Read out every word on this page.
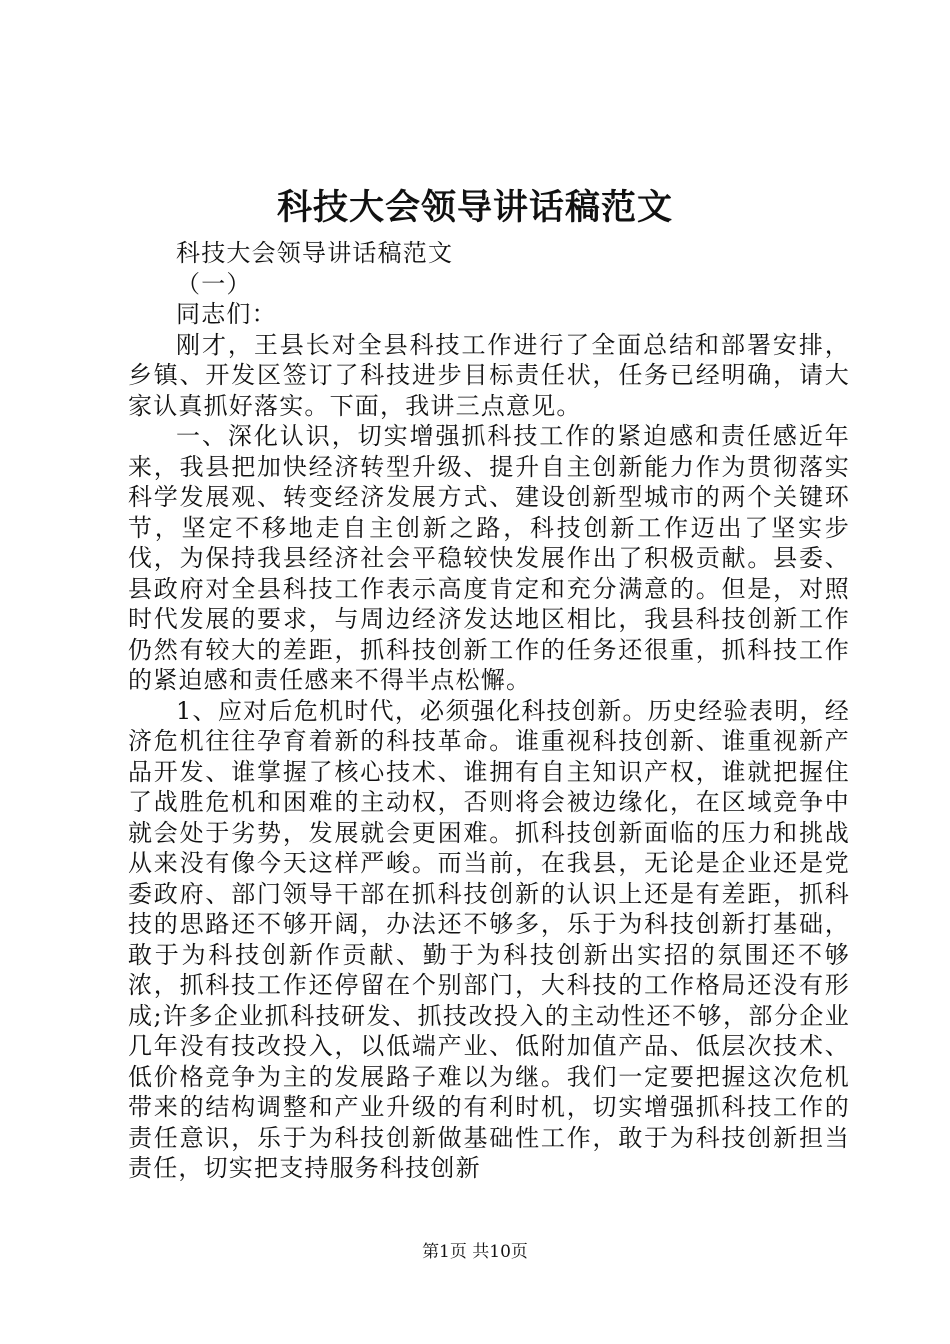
科技大会领导讲话稿范文

科技大会领导讲话稿范文

（一）

同志们：

刚才，王县长对全县科技工作进行了全面总结和部署安排，乡镇、开发区签订了科技进步目标责任状，任务已经明确，请大家认真抓好落实。下面，我讲三点意见。

一、深化认识，切实增强抓科技工作的紧迫感和责任感近年来，我县把加快经济转型升级、提升自主创新能力作为贯彻落实科学发展观、转变经济发展方式、建设创新型城市的两个关键环节，坚定不移地走自主创新之路，科技创新工作迈出了坚实步伐，为保持我县经济社会平稳较快发展作出了积极贡献。县委、县政府对全县科技工作表示高度肯定和充分满意的。但是，对照时代发展的要求，与周边经济发达地区相比，我县科技创新工作仍然有较大的差距，抓科技创新工作的任务还很重，抓科技工作的紧迫感和责任感来不得半点松懈。

1、应对后危机时代，必须强化科技创新。历史经验表明，经济危机往往孕育着新的科技革命。谁重视科技创新、谁重视新产品开发、谁掌握了核心技术、谁拥有自主知识产权，谁就把握住了战胜危机和困难的主动权，否则将会被边缘化，在区域竞争中就会处于劣势，发展就会更困难。抓科技创新面临的压力和挑战从来没有像今天这样严峻。而当前，在我县，无论是企业还是党委政府、部门领导干部在抓科技创新的认识上还是有差距，抓科技的思路还不够开阔，办法还不够多，乐于为科技创新打基础，敢于为科技创新作贡献、勤于为科技创新出实招的氛围还不够浓，抓科技工作还停留在个别部门，大科技的工作格局还没有形成;许多企业抓科技研发、抓技改投入的主动性还不够，部分企业几年没有技改投入，以低端产业、低附加值产品、低层次技术、低价格竞争为主的发展路子难以为继。我们一定要把握这次危机带来的结构调整和产业升级的有利时机，切实增强抓科技工作的责任意识，乐于为科技创新做基础性工作，敢于为科技创新担当责任，切实把支持服务科技创新

第1页 共10页
